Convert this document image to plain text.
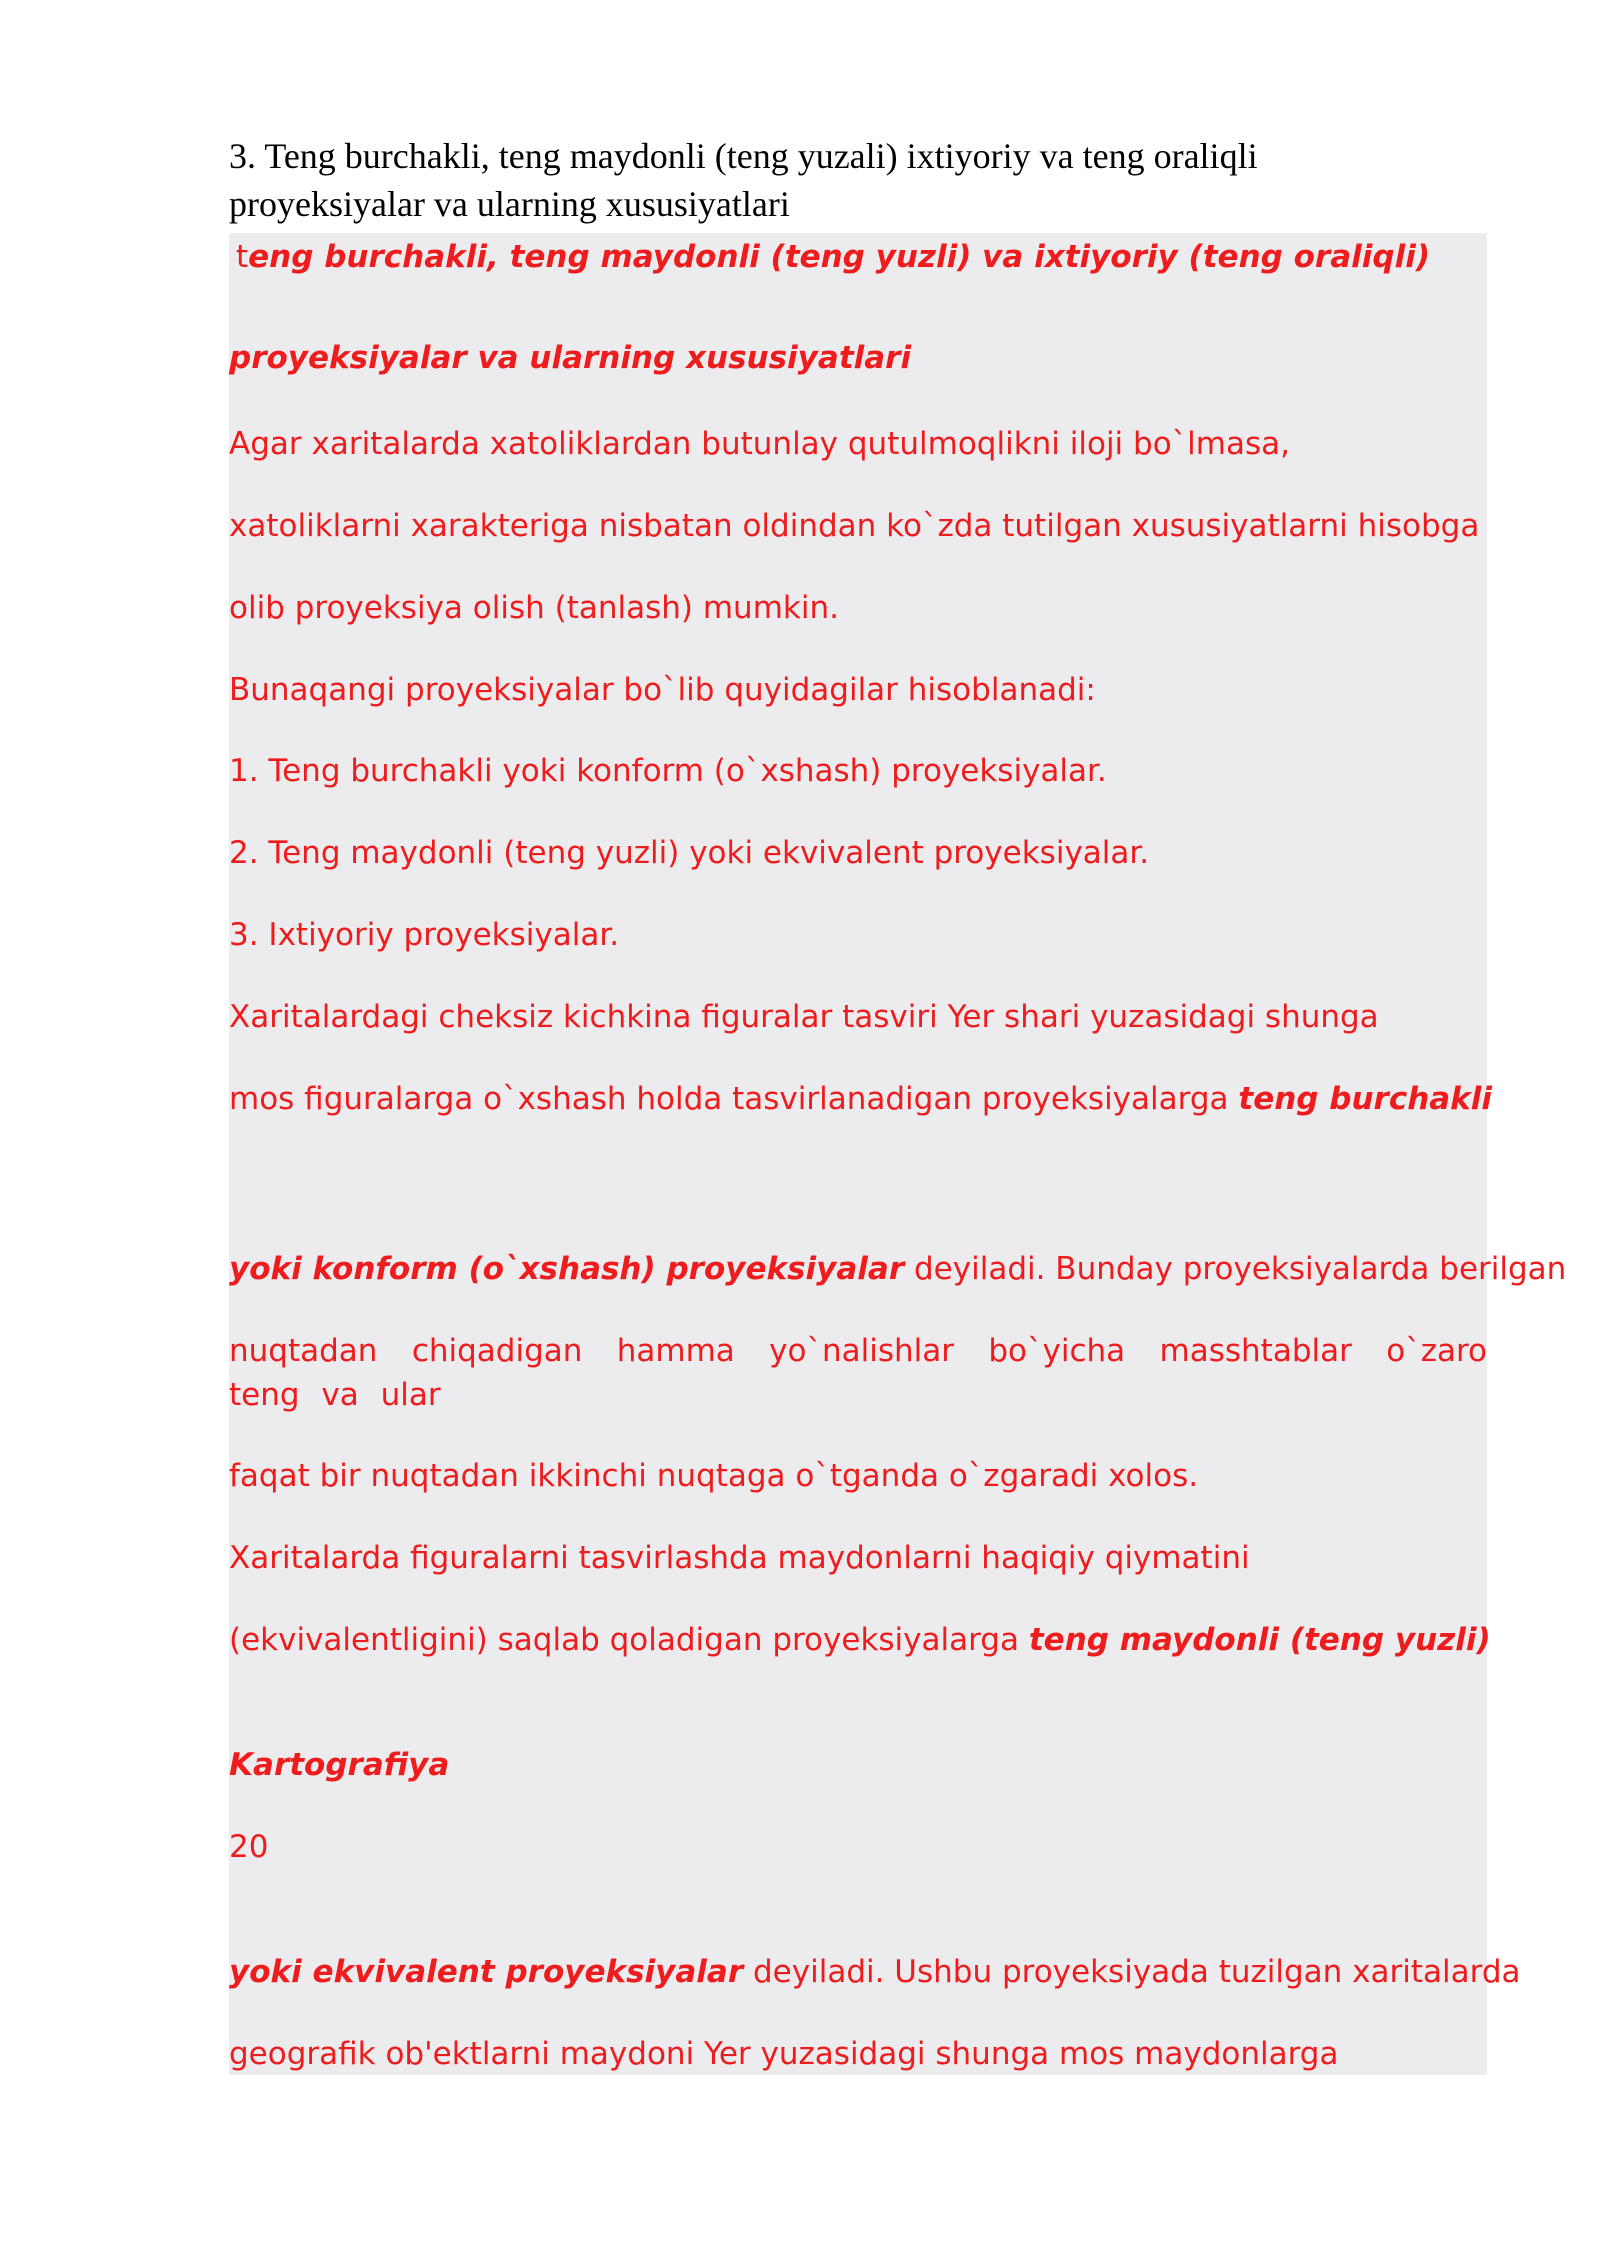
3. Teng burchakli, teng maydonli (teng yuzali) ixtiyoriy va teng oraliqli
proyeksiyalar va ularning xususiyatlari

teng burchakli, teng maydonli (teng yuzli) va ixtiyoriy (teng oraliqli)

proyeksiyalar va ularning xususiyatlari

Agar xaritalarda xatoliklardan butunlay qutulmoqlikni iloji bo`lmasa,

xatoliklarni xarakteriga nisbatan oldindan ko`zda tutilgan xususiyatlarni hisobga

olib proyeksiya olish (tanlash) mumkin.

Bunaqangi proyeksiyalar bo`lib quyidagilar hisoblanadi:

1. Teng burchakli yoki konform (o`xshash) proyeksiyalar.

2. Teng maydonli (teng yuzli) yoki ekvivalent proyeksiyalar.

3. Ixtiyoriy proyeksiyalar.

Xaritalardagi cheksiz kichkina figuralar tasviri Yer shari yuzasidagi shunga

mos figuralarga o`xshash holda tasvirlanadigan proyeksiyalarga teng burchakli

yoki konform (o`xshash) proyeksiyalar deyiladi. Bunday proyeksiyalarda berilgan

nuqtadan chiqadigan hamma yo`nalishlar bo`yicha masshtablar o`zaro teng va ular

faqat bir nuqtadan ikkinchi nuqtaga o`tganda o`zgaradi xolos.

Xaritalarda figuralarni tasvirlashda maydonlarni haqiqiy qiymatini

(ekvivalentligini) saqlab qoladigan proyeksiyalarga teng maydonli (teng yuzli)

Kartografiya

20

yoki ekvivalent proyeksiyalar deyiladi. Ushbu proyeksiyada tuzilgan xaritalarda

geografik ob'ektlarni maydoni Yer yuzasidagi shunga mos maydonlarga
